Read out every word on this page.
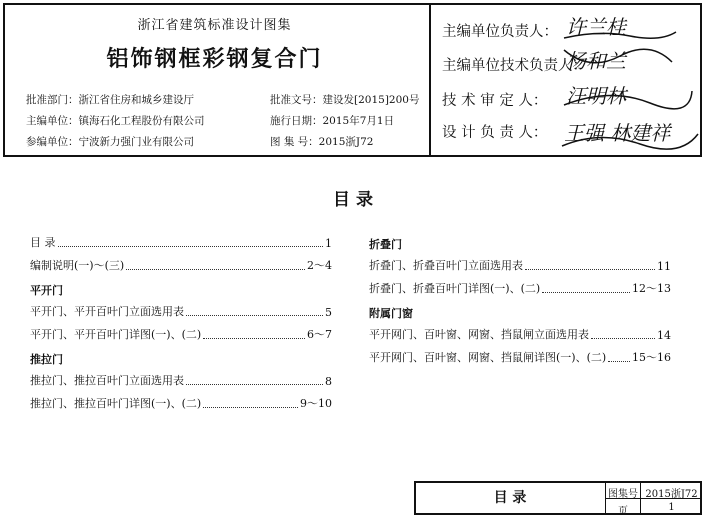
浙江省建筑标准设计图集
铝饰钢框彩钢复合门
批准部门：浙江省住房和城乡建设厅
主编单位：镇海石化工程股份有限公司
参编单位：宁波新力强门业有限公司
批准文号：建设发[2015]200号
施行日期：2015年7月1日
图 集 号：2015浙J72
主编单位负责人：
主编单位技术负责人：
技 术 审 定 人：
设 计 负 责 人：
许兰桂
杨和兰
汪明林
王强 林建祥
目 录
目 录	1
编制说明(一)～(三)	2～4
平开门
平开门、平开百叶门立面选用表	5
平开门、平开百叶门详图(一)、(二)	6～7
推拉门
推拉门、推拉百叶门立面选用表	8
推拉门、推拉百叶门详图(一)、(二)	9～10
折叠门
折叠门、折叠百叶门立面选用表	11
折叠门、折叠百叶门详图(一)、(二)	12～13
附属门窗
平开网门、百叶窗、网窗、挡鼠闸立面选用表	14
平开网门、百叶窗、网窗、挡鼠闸详图(一)、(二) 15～16
目 录	图集号 2015浙J72
页	1
